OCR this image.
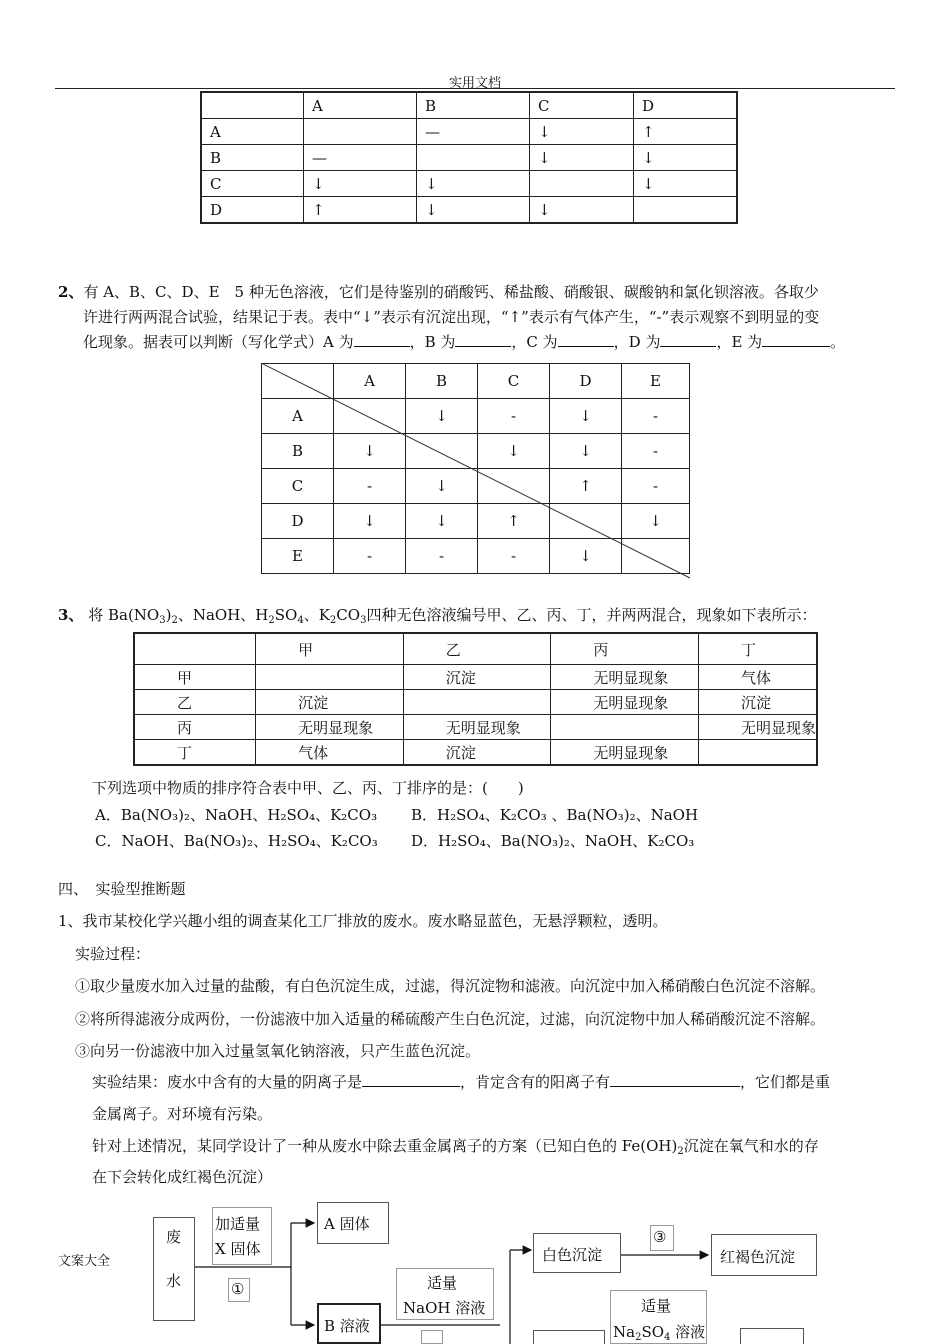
实用文档
	A	B	C	D
A		—	↓	↑
B	—		↓	↓
C	↓	↓		↓
D	↑	↓	↓	
2、有 A、B、C、D、E　5 种无色溶液，它们是待鉴别的硝酸钙、稀盐酸、硝酸银、碳酸钠和氯化钡溶液。各取少
许进行两两混合试验，结果记于表。表中“↓”表示有沉淀出现，“↑”表示有气体产生，“-”表示观察不到明显的变
化现象。据表可以判断（写化学式）A 为	，B 为	，C 为	，D 为	，E 为	。
	A	B	C	D	E
A		↓	-	↓	-
B	↓		↓	↓	-
C	-	↓		↑	-
D	↓	↓	↑		↓
E	-	-	-	↓	
3、 将 $Ba(NO_3)_2$、NaOH、$H_2SO_4$、$K_2CO_3$四种无色溶液编号甲、乙、丙、丁，并两两混合，现象如下表所示：
	甲	乙	丙	丁
甲		沉淀	无明显现象	气体
乙	沉淀		无明显现象	沉淀
丙	无明显现象	无明显现象		无明显现象
丁	气体	沉淀	无明显现象	
下列选项中物质的排序符合表中甲、乙、丙、丁排序的是：(　　)
A．Ba(NO₃)₂、NaOH、H₂SO₄、K₂CO₃ B．H₂SO₄、K₂CO₃ 、Ba(NO₃)₂、NaOH
C．NaOH、Ba(NO₃)₂、H₂SO₄、K₂CO₃ D．H₂SO₄、Ba(NO₃)₂、NaOH、K₂CO₃
四、　实验型推断题
1、我市某校化学兴趣小组的调查某化工厂排放的废水。废水略显蓝色，无悬浮颗粒，透明。
实验过程：
①取少量废水加入过量的盐酸，有白色沉淀生成，过滤，得沉淀物和滤液。向沉淀中加入稀硝酸白色沉淀不溶解。
②将所得滤液分成两份，一份滤液中加入适量的稀硫酸产生白色沉淀，过滤，向沉淀物中加人稀硝酸沉淀不溶解。
③向另一份滤液中加入过量氢氧化钠溶液，只产生蓝色沉淀。
实验结果：废水中含有的大量的阴离子是	，肯定含有的阳离子有	，它们都是重
金属离子。对环境有污染。
针对上述情况，某同学设计了一种从废水中除去重金属离子的方案（已知白色的 $Fe(OH)_2$沉淀在氧气和水的存
在下会转化成红褐色沉淀）
文案大全
废
水
加适量
X 固体
①
A 固体
B 溶液
适量
NaOH 溶液
白色沉淀
③
红褐色沉淀
适量
$Na_2SO_4$ 溶液
